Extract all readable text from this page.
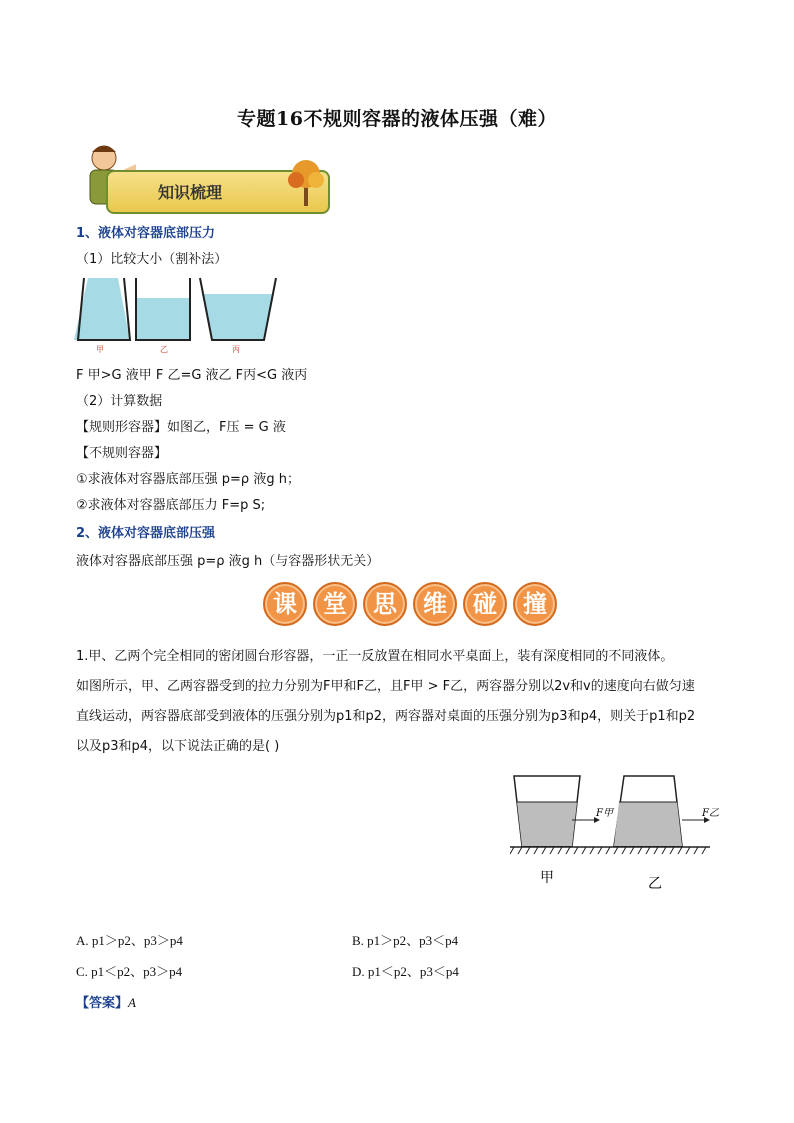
专题16不规则容器的液体压强（难）
知识梳理
1、液体对容器底部压力
（1）比较大小（割补法）
甲	乙	丙
F 甲>G 液甲 F 乙=G 液乙 F丙<G 液丙
（2）计算数据
【规则形容器】如图乙，F压 = G 液
【不规则容器】
①求液体对容器底部压强 p=ρ 液g h；
②求液体对容器底部压力 F=p S;
2、液体对容器底部压强
液体对容器底部压强 p=ρ 液g h（与容器形状无关）
课 堂 思 维 碰 撞
1.甲、乙两个完全相同的密闭圆台形容器，一正一反放置在相同水平桌面上，装有深度相同的不同液体。
如图所示，甲、乙两容器受到的拉力分别为F甲和F乙，且F甲 > F乙，两容器分别以2v和v的速度向右做匀速
直线运动，两容器底部受到液体的压强分别为p1和p2，两容器对桌面的压强分别为p3和p4，则关于p1和p2
以及p3和p4，以下说法正确的是( )
F甲	F乙
甲	乙
A. p1＞p2、p3＞p4	B. p1＞p2、p3＜p4
C. p1＜p2、p3＞p4	D. p1＜p2、p3＜p4
【答案】A
